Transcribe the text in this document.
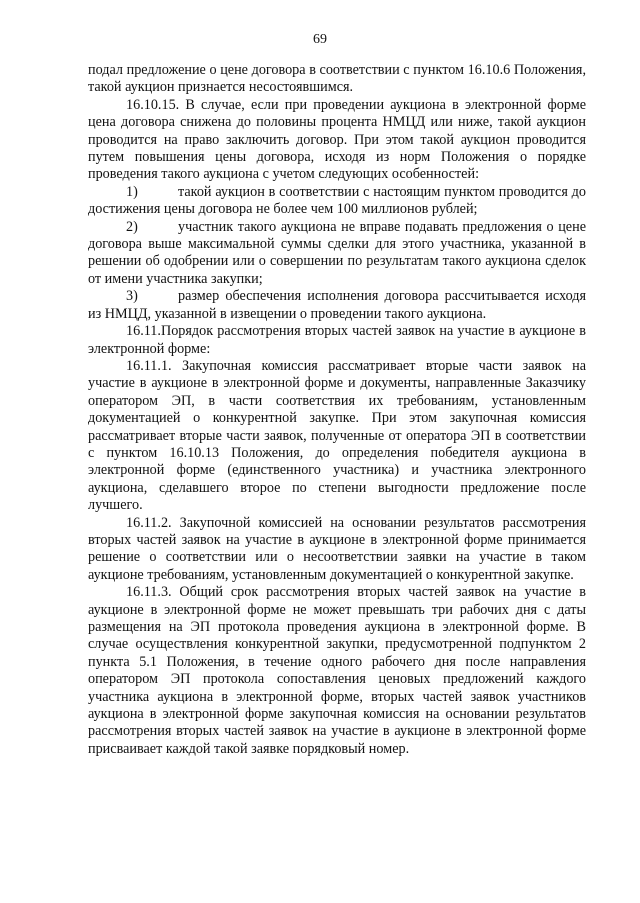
69

подал предложение о цене договора в соответствии с пунктом 16.10.6 Положения, такой аукцион признается несостоявшимся.

16.10.15. В случае, если при проведении аукциона в электронной форме цена договора снижена до половины процента НМЦД или ниже, такой аукцион проводится на право заключить договор. При этом такой аукцион проводится путем повышения цены договора, исходя из норм Положения о порядке проведения такого аукциона с учетом следующих особенностей:

1)	такой аукцион в соответствии с настоящим пунктом проводится до достижения цены договора не более чем 100 миллионов рублей;

2)	участник такого аукциона не вправе подавать предложения о цене договора выше максимальной суммы сделки для этого участника, указанной в решении об одобрении или о совершении по результатам такого аукциона сделок от имени участника закупки;

3)	размер обеспечения исполнения договора рассчитывается исходя из НМЦД, указанной в извещении о проведении такого аукциона.

16.11.Порядок рассмотрения вторых частей заявок на участие в аукционе в электронной форме:

16.11.1. Закупочная комиссия рассматривает вторые части заявок на участие в аукционе в электронной форме и документы, направленные Заказчику оператором ЭП, в части соответствия их требованиям, установленным документацией о конкурентной закупке. При этом закупочная комиссия рассматривает вторые части заявок, полученные от оператора ЭП в соответствии с пунктом 16.10.13 Положения, до определения победителя аукциона в электронной форме (единственного участника) и участника электронного аукциона, сделавшего второе по степени выгодности предложение после лучшего.

16.11.2. Закупочной комиссией на основании результатов рассмотрения вторых частей заявок на участие в аукционе в электронной форме принимается решение о соответствии или о несоответствии заявки на участие в таком аукционе требованиям, установленным документацией о конкурентной закупке.

16.11.3. Общий срок рассмотрения вторых частей заявок на участие в аукционе в электронной форме не может превышать три рабочих дня с даты размещения на ЭП протокола проведения аукциона в электронной форме. В случае осуществления конкурентной закупки, предусмотренной подпунктом 2 пункта 5.1 Положения, в течение одного рабочего дня после направления оператором ЭП протокола сопоставления ценовых предложений каждого участника аукциона в электронной форме, вторых частей заявок участников аукциона в электронной форме закупочная комиссия на основании результатов рассмотрения вторых частей заявок на участие в аукционе в электронной форме присваивает каждой такой заявке порядковый номер.
